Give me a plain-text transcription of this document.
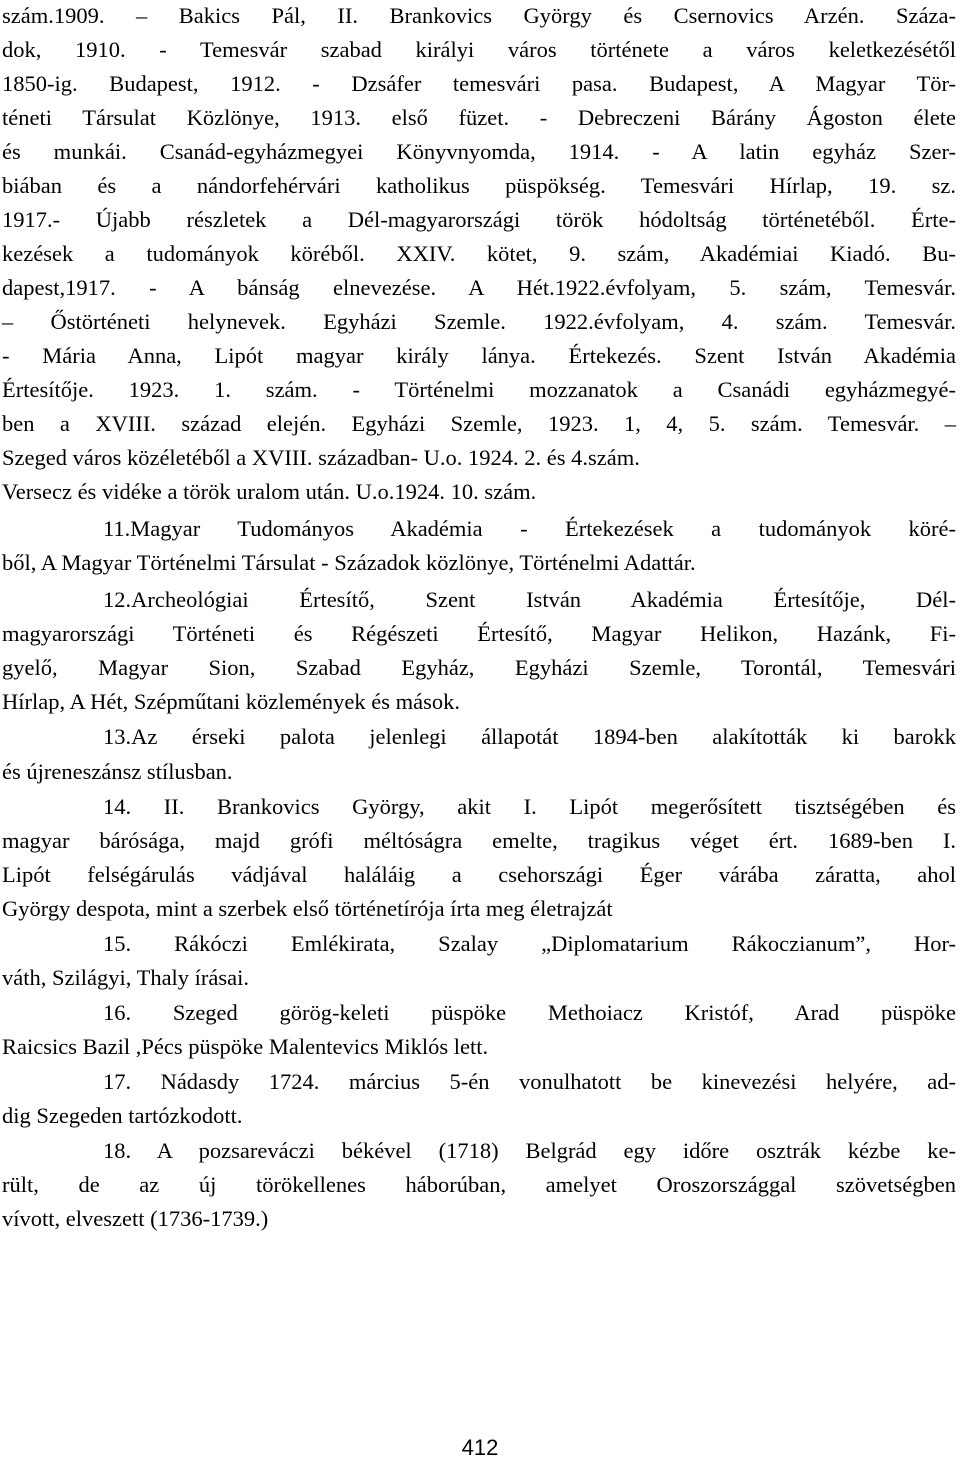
szám.1909. – Bakics Pál, II. Brankovics György és Csernovics Arzén. Száza-
dok, 1910. - Temesvár szabad királyi város története a város keletkezésétől
1850-ig. Budapest, 1912. - Dzsáfer temesvári pasa. Budapest, A Magyar Tör-
téneti Társulat Közlönye, 1913. első füzet. - Debreczeni Bárány Ágoston élete
és munkái. Csanád-egyházmegyei Könyvnyomda, 1914. - A latin egyház Szer-
biában és a nándorfehérvári katholikus püspökség. Temesvári Hírlap, 19. sz.
1917.- Újabb részletek a Dél-magyarországi török hódoltság történetéből. Érte-
kezések a tudományok köréből. XXIV. kötet, 9. szám, Akadémiai Kiadó. Bu-
dapest,1917. - A bánság elnevezése. A Hét.1922.évfolyam, 5. szám, Temesvár.
– Őstörténeti helynevek. Egyházi Szemle. 1922.évfolyam, 4. szám. Temesvár.
- Mária Anna, Lipót magyar király lánya. Értekezés. Szent István Akadémia
Értesítője. 1923. 1. szám. - Történelmi mozzanatok a Csanádi egyházmegyé-
ben a XVIII. század elején. Egyházi Szemle, 1923. 1, 4, 5. szám. Temesvár. –
Szeged város közéletéből a XVIII. században- U.o. 1924. 2. és 4.szám.
Versecz és vidéke a török uralom után. U.o.1924. 10. szám.
11.Magyar Tudományos Akadémia - Értekezések a tudományok köré-
ből, A Magyar Történelmi Társulat - Századok közlönye, Történelmi Adattár.
12.Archeológiai Értesítő, Szent István Akadémia Értesítője, Dél-
magyarországi Történeti és Régészeti Értesítő, Magyar Helikon, Hazánk, Fi-
gyelő, Magyar Sion, Szabad Egyház, Egyházi Szemle, Torontál, Temesvári
Hírlap, A Hét, Szépműtani közlemények és mások.
13.Az érseki palota jelenlegi állapotát 1894-ben alakították ki barokk
és újreneszánsz stílusban.
14. II. Brankovics György, akit I. Lipót megerősített tisztségében és
magyar bárósága, majd grófi méltóságra emelte, tragikus véget ért. 1689-ben I.
Lipót felségárulás vádjával haláláig a csehországi Éger várába záratta, ahol
György despota, mint a szerbek első történetírója írta meg életrajzát
15. Rákóczi Emlékirata, Szalay „Diplomatarium Rákoczianum”, Hor-
váth, Szilágyi, Thaly írásai.
16. Szeged görög-keleti püspöke Methoiacz Kristóf, Arad püspöke
Raicsics Bazil ,Pécs püspöke Malentevics Miklós lett.
17. Nádasdy 1724. március 5-én vonulhatott be kinevezési helyére, ad-
dig Szegeden tartózkodott.
18. A pozsareváczi békével (1718) Belgrád egy időre osztrák kézbe ke-
rült, de az új törökellenes háborúban, amelyet Oroszországgal szövetségben
vívott, elveszett (1736-1739.)
412
